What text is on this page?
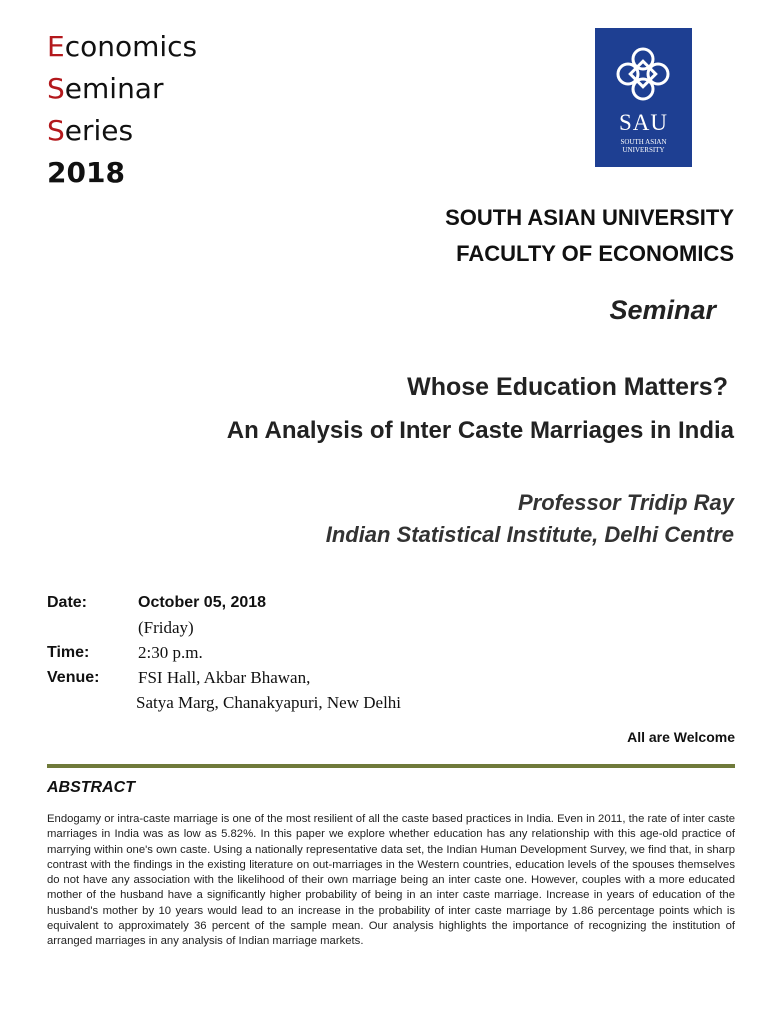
Economics
Seminar
Series
2018
SAU
SOUTH ASIAN
UNIVERSITY
SOUTH ASIAN UNIVERSITY
FACULTY OF ECONOMICS
Seminar
Whose Education Matters?
An Analysis of Inter Caste Marriages in India
Professor Tridip Ray
Indian Statistical Institute, Delhi Centre
Date:	October 05, 2018
(Friday)
Time:	2:30 p.m.
Venue: FSI Hall, Akbar Bhawan,
Satya Marg, Chanakyapuri, New Delhi
All are Welcome
ABSTRACT
Endogamy or intra-caste marriage is one of the most resilient of all the caste based practices in India. Even in 2011, the rate of inter caste marriages in India was as low as 5.82%. In this paper we explore whether education has any relationship with this age-old practice of marrying within one's own caste. Using a nationally representative data set, the Indian Human Development Survey, we find that, in sharp contrast with the findings in the existing literature on out-marriages in the Western countries, education levels of the spouses themselves do not have any association with the likelihood of their own marriage being an inter caste one. However, couples with a more educated mother of the husband have a significantly higher probability of being in an inter caste marriage. Increase in years of education of the husband's mother by 10 years would lead to an increase in the probability of inter caste marriage by 1.86 percentage points which is equivalent to approximately 36 percent of the sample mean. Our analysis highlights the importance of recognizing the institution of arranged marriages in any analysis of Indian marriage markets.
